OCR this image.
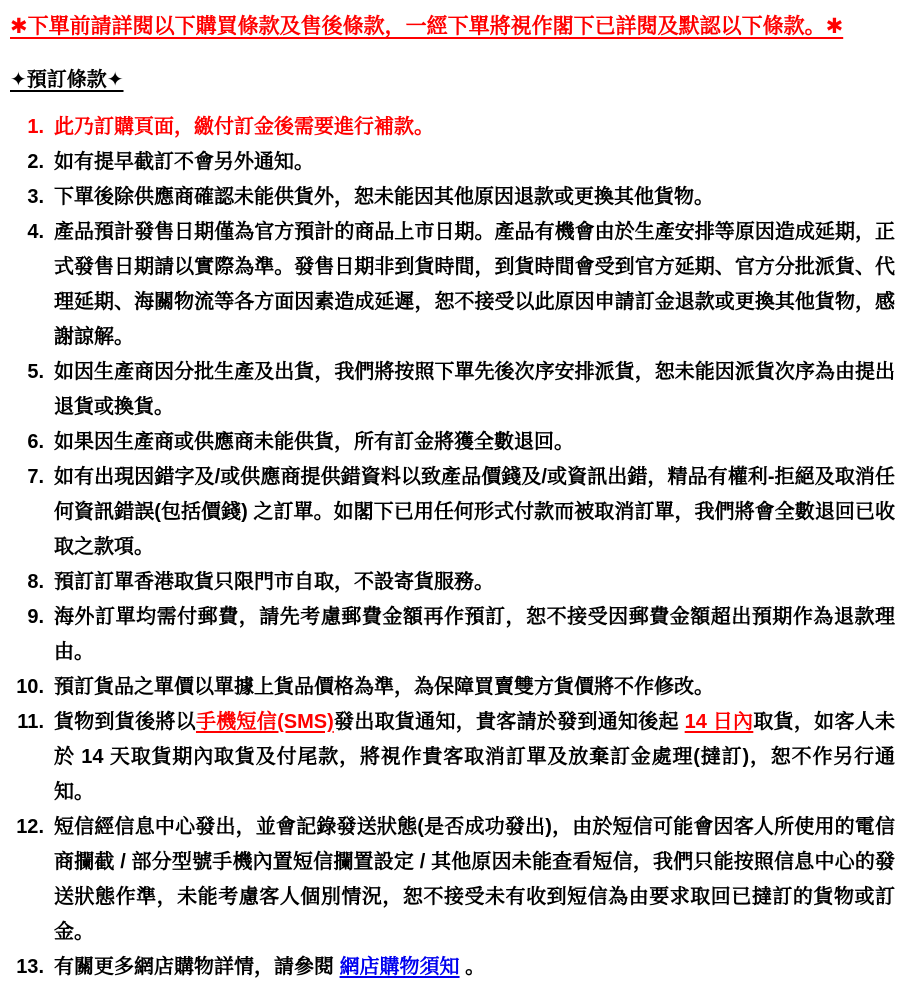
✱下單前請詳閱以下購買條款及售後條款，一經下單將視作閣下已詳閱及默認以下條款。✱

✦預訂條款✦
此乃訂購頁面，繳付訂金後需要進行補款。
如有提早截訂不會另外通知。
下單後除供應商確認未能供貨外，恕未能因其他原因退款或更換其他貨物。
產品預計發售日期僅為官方預計的商品上市日期。產品有機會由於生產安排等原因造成延期，正式發售日期請以實際為準。發售日期非到貨時間，到貨時間會受到官方延期、官方分批派貨、代理延期、海關物流等各方面因素造成延遲，恕不接受以此原因申請訂金退款或更換其他貨物，感謝諒解。
如因生產商因分批生產及出貨，我們將按照下單先後次序安排派貨，恕未能因派貨次序為由提出退貨或換貨。
如果因生產商或供應商未能供貨，所有訂金將獲全數退回。
如有出現因錯字及/或供應商提供錯資料以致產品價錢及/或資訊出錯，精品有權利-拒絕及取消任何資訊錯誤(包括價錢) 之訂單。如閣下已用任何形式付款而被取消訂單，我們將會全數退回已收取之款項。
預訂訂單香港取貨只限門市自取，不設寄貨服務。
海外訂單均需付郵費，請先考慮郵費金額再作預訂，恕不接受因郵費金額超出預期作為退款理由。
預訂貨品之單價以單據上貨品價格為準，為保障買賣雙方貨價將不作修改。
貨物到貨後將以手機短信(SMS)發出取貨通知，貴客請於發到通知後起 14 日內取貨，如客人未於 14 天取貨期內取貨及付尾款，將視作貴客取消訂單及放棄訂金處理(撻訂)，恕不作另行通知。
短信經信息中心發出，並會記錄發送狀態(是否成功發出)，由於短信可能會因客人所使用的電信商攔截 / 部分型號手機內置短信攔置設定 / 其他原因未能查看短信，我們只能按照信息中心的發送狀態作準，未能考慮客人個別情況，恕不接受未有收到短信為由要求取回已撻訂的貨物或訂金。
有關更多網店購物詳情，請參閱 網店購物須知 。
